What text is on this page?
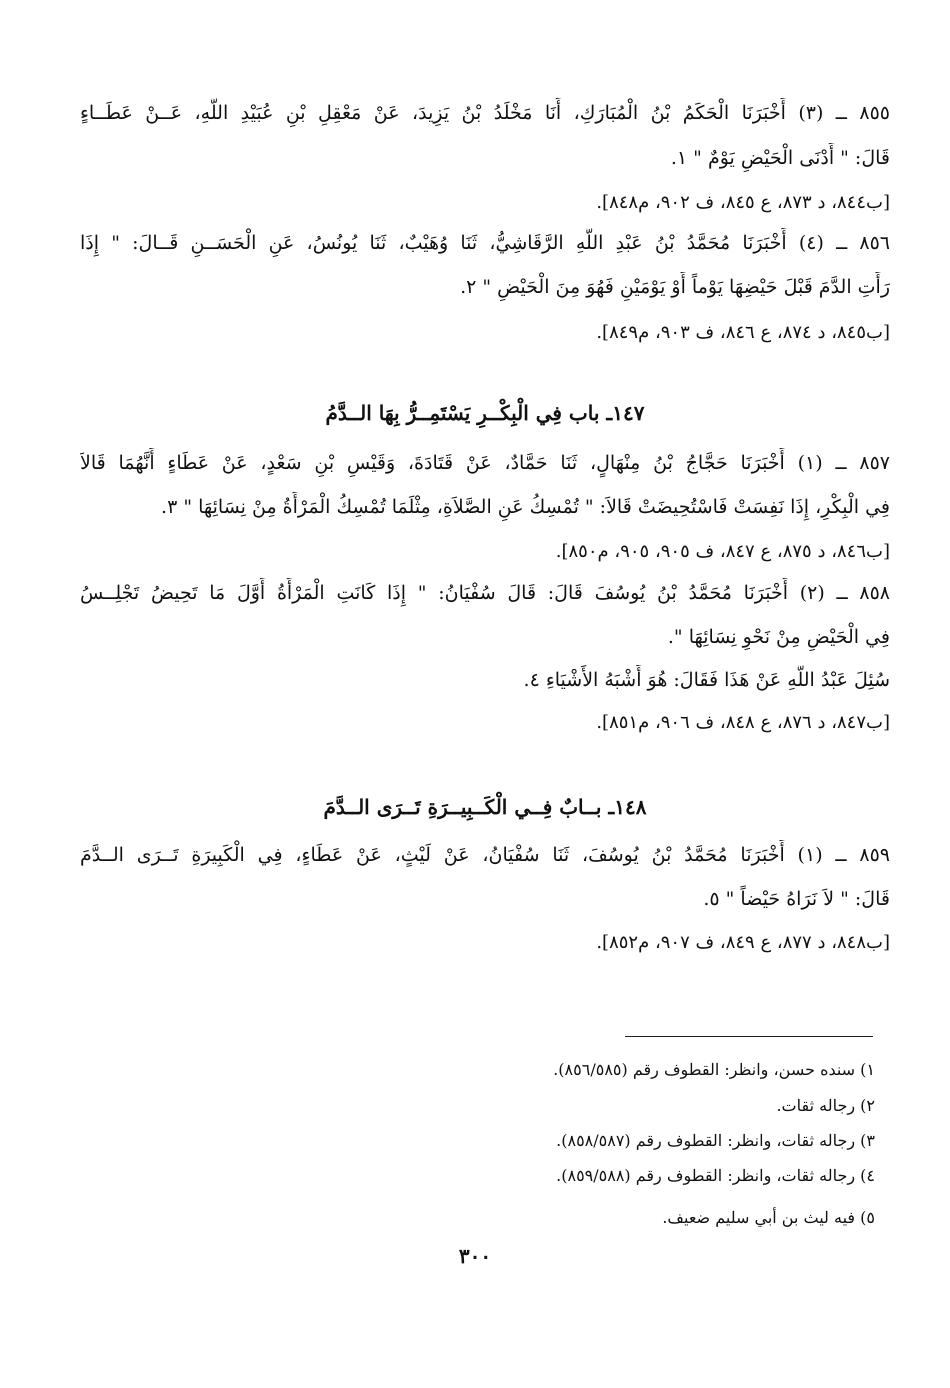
٨٥٥ ــ (٣) أَخْبَرَنَا الْحَكَمُ بْنُ الْمُبَارَكِ، أَنَا مَخْلَدُ بْنُ يَزِيدَ، عَنْ مَعْقِلِ بْنِ عُبَيْدِ اللَّهِ، عَــنْ عَطَــاءٍ
قَالَ: " أَدْنَى الْحَيْضِ يَوْمٌ " ١.
[ب٨٤٤، د ٨٧٣، ع ٨٤٥، ف ٩٠٢، م٨٤٨].
٨٥٦ ــ (٤) أَخْبَرَنَا مُحَمَّدُ بْنُ عَبْدِ اللَّهِ الرَّقَاشِيُّ، ثَنَا وُهَيْبٌ، ثَنَا يُونُسُ، عَنِ الْحَسَــنِ قَــالَ: " إِذَا
رَأَتِ الدَّمَ قَبْلَ حَيْضِهَا يَوْماً أَوْ يَوْمَيْنِ فَهُوَ مِنَ الْحَيْضِ " ٢.
[ب٨٤٥، د ٨٧٤، ع ٨٤٦، ف ٩٠٣، م٨٤٩].
١٤٧ـ باب فِي الْبِكْــرِ يَسْتَمِــرُّ بِهَا الــدَّمُ
٨٥٧ ــ (١) أَخْبَرَنَا حَجَّاجُ بْنُ مِنْهَالٍ، ثَنَا حَمَّادٌ، عَنْ قَتَادَةَ، وَقَيْسِ بْنِ سَعْدٍ، عَنْ عَطَاءٍ أَنَّهُمَا قَالاَ
فِي الْبِكْرِ، إِذَا نَفِسَتْ فَاسْتُحِيضَتْ قَالاَ: " تُمْسِكُ عَنِ الصَّلاَةِ، مِثْلَمَا تُمْسِكُ الْمَرْأَةُ مِنْ نِسَائِهَا " ٣.
[ب٨٤٦، د ٨٧٥، ع ٨٤٧، ف ٩٠٥، ٩٠٥، م٨٥٠].
٨٥٨ ــ (٢) أَخْبَرَنَا مُحَمَّدُ بْنُ يُوسُفَ قَالَ: قَالَ سُفْيَانُ: " إِذَا كَانَتِ الْمَرْأَةُ أَوَّلَ مَا تَحِيضُ تَجْلِــسُ
فِي الْحَيْضِ مِنْ نَحْوِ نِسَائِهَا ".
سُئِلَ عَبْدُ اللَّهِ عَنْ هَذَا فَقَالَ: هُوَ أَشْبَهُ الأَشْيَاءِ ٤.
[ب٨٤٧، د ٨٧٦، ع ٨٤٨، ف ٩٠٦، م٨٥١].
١٤٨ـ بــابٌ فِــي الْكَــبِيــرَةِ تَــرَى الــدَّمَ
٨٥٩ ــ (١) أَخْبَرَنَا مُحَمَّدُ بْنُ يُوسُفَ، ثَنَا سُفْيَانُ، عَنْ لَيْثٍ، عَنْ عَطَاءٍ، فِي الْكَبِيرَةِ تَــرَى الــدَّمَ
قَالَ: " لاَ نَرَاهُ حَيْضاً " ٥.
[ب٨٤٨، د ٨٧٧، ع ٨٤٩، ف ٩٠٧، م٨٥٢].
١) سنده حسن، وانظر: القطوف رقم (٨٥٦/٥٨٥).
٢) رجاله ثقات.
٣) رجاله ثقات، وانظر: القطوف رقم (٨٥٨/٥٨٧).
٤) رجاله ثقات، وانظر: القطوف رقم (٨٥٩/٥٨٨).
٥) فيه ليث بن أبي سليم ضعيف.
٣٠٠
